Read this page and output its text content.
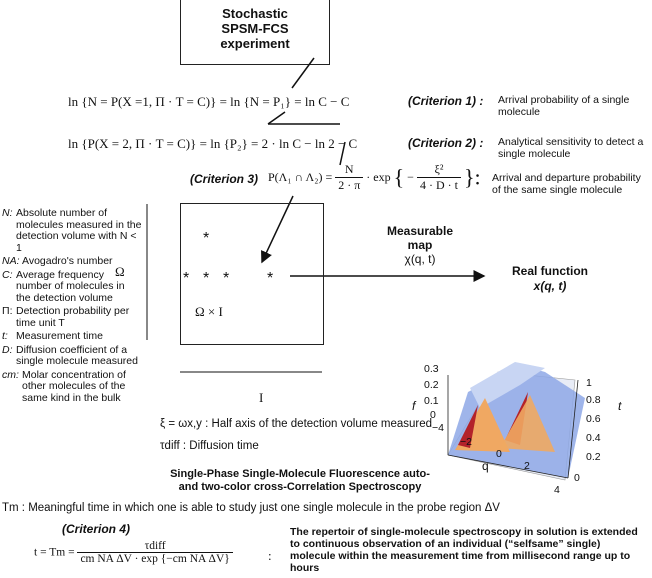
Stochastic
SPSM-FCS
experiment
ln {N = P(X =1, Π · T = C)} = ln {N = P₁} = ln C − C	(Criterion 1) : Arrival probability of a single molecule
ln {P(X = 2, Π · T = C)} = ln {P₂} = 2 · ln C − ln 2 − C	(Criterion 2) : Analytical sensitivity to detect a single molecule
(Criterion 3) P(Λ₁ ∩ $\Lambda_2) = \frac{N}{2 \cdot \pi} \cdot \exp$ { − $\frac{\text{ξ²}}{4 \cdot D \cdot t}$ }: Arrival and departure probability of the same single molecule
N: Absolute number of molecules measured in the detection volume with N < 1
NA: Avogadro's number
C: Average frequency number of molecules in the detection volume
Π: Detection probability per time unit T
t: Measurement time
D: Diffusion coefficient of a single molecule measured
cm: Molar concentration of other molecules of the same kind in the bulk
Ω
*
* * * *
Ω × I
I
Measurable
map
χ(q, t)
Real function
x(q, t)
f
0.3
0.2
0.1
0
−4
−2
0
2
4
q
1
0.8
0.6
0.4
0.2
0
t
ξ = ωx,y : Half axis of the detection volume measured
τdiff : Diffusion time
Single-Phase Single-Molecule Fluorescence auto-
and two-color cross-Correlation Spectroscopy
Tm : Meaningful time in which one is able to study just one single molecule in the probe region ΔV
(Criterion 4)
$t = Tm = \frac{\text{τdiff}}{\text{cm NA ΔV · exp \{−cm NA ΔV\}}}$	:
The repertoir of single-molecule spectroscopy in solution is extended to continuous observation of an individual (“selfsame” single) molecule within the measurement time from millisecond range up to hours
